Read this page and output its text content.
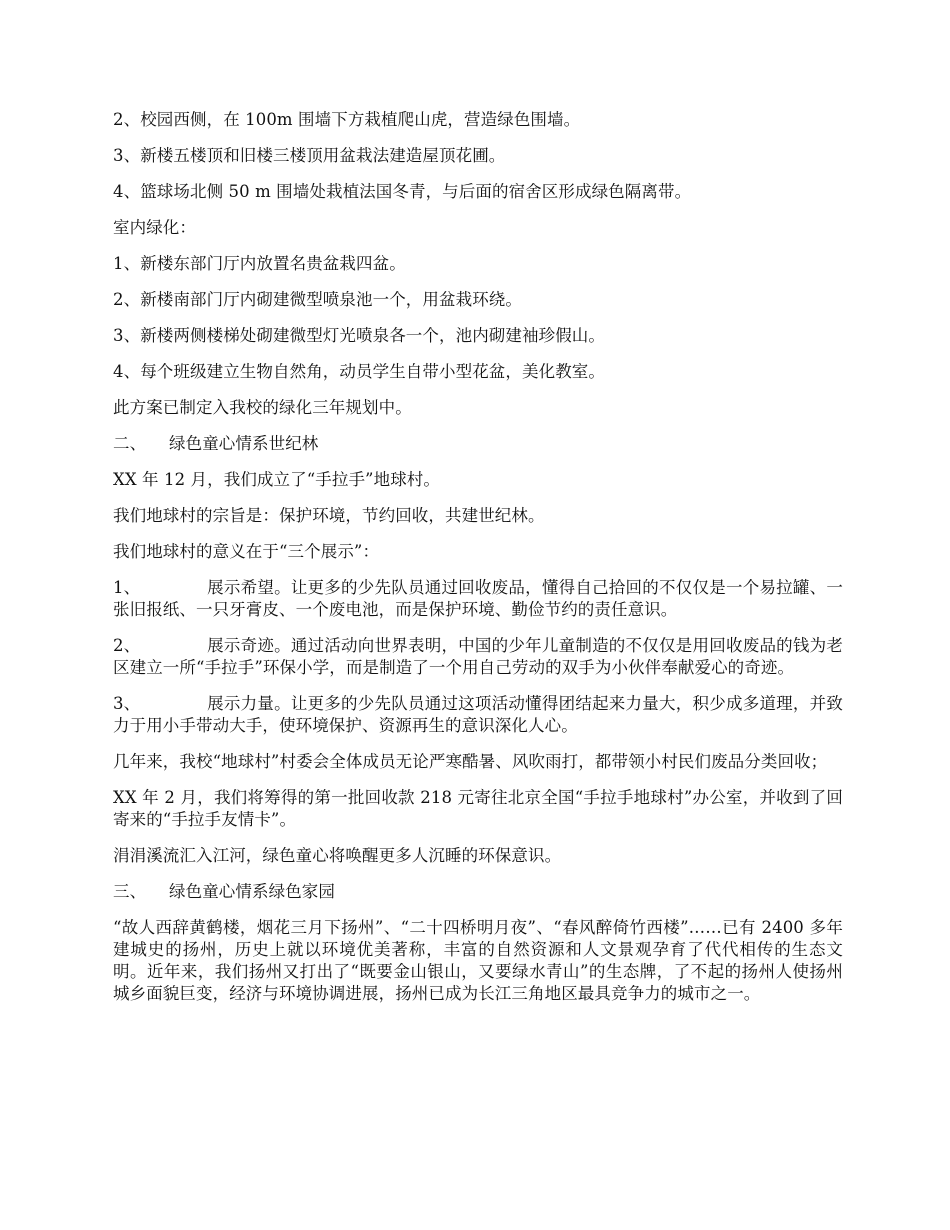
2、校园西侧，在 100m 围墙下方栽植爬山虎，营造绿色围墙。

3、新楼五楼顶和旧楼三楼顶用盆栽法建造屋顶花圃。

4、篮球场北侧 50 m 围墙处栽植法国冬青，与后面的宿舍区形成绿色隔离带。

室内绿化：

1、新楼东部门厅内放置名贵盆栽四盆。

2、新楼南部门厅内砌建微型喷泉池一个，用盆栽环绕。

3、新楼两侧楼梯处砌建微型灯光喷泉各一个，池内砌建袖珍假山。

4、每个班级建立生物自然角，动员学生自带小型花盆，美化教室。

此方案已制定入我校的绿化三年规划中。

二、 绿色童心情系世纪林

XX 年 12 月，我们成立了“手拉手”地球村。

我们地球村的宗旨是：保护环境，节约回收，共建世纪林。

我们地球村的意义在于“三个展示”：

1、	展示希望。让更多的少先队员通过回收废品，懂得自己拾回的不仅仅是一个易拉罐、一张旧报纸、一只牙膏皮、一个废电池，而是保护环境、勤俭节约的责任意识。

2、	展示奇迹。通过活动向世界表明，中国的少年儿童制造的不仅仅是用回收废品的钱为老区建立一所“手拉手”环保小学，而是制造了一个用自己劳动的双手为小伙伴奉献爱心的奇迹。

3、	展示力量。让更多的少先队员通过这项活动懂得团结起来力量大，积少成多道理，并致力于用小手带动大手，使环境保护、资源再生的意识深化人心。

几年来，我校“地球村”村委会全体成员无论严寒酷暑、风吹雨打，都带领小村民们废品分类回收；

XX 年 2 月，我们将筹得的第一批回收款 218 元寄往北京全国“手拉手地球村”办公室，并收到了回寄来的“手拉手友情卡”。

涓涓溪流汇入江河，绿色童心将唤醒更多人沉睡的环保意识。

三、 绿色童心情系绿色家园

“故人西辞黄鹤楼，烟花三月下扬州”、“二十四桥明月夜”、“春风醉倚竹西楼”……已有 2400 多年建城史的扬州，历史上就以环境优美著称，丰富的自然资源和人文景观孕育了代代相传的生态文明。近年来，我们扬州又打出了“既要金山银山，又要绿水青山”的生态牌，了不起的扬州人使扬州城乡面貌巨变，经济与环境协调进展，扬州已成为长江三角地区最具竞争力的城市之一。
